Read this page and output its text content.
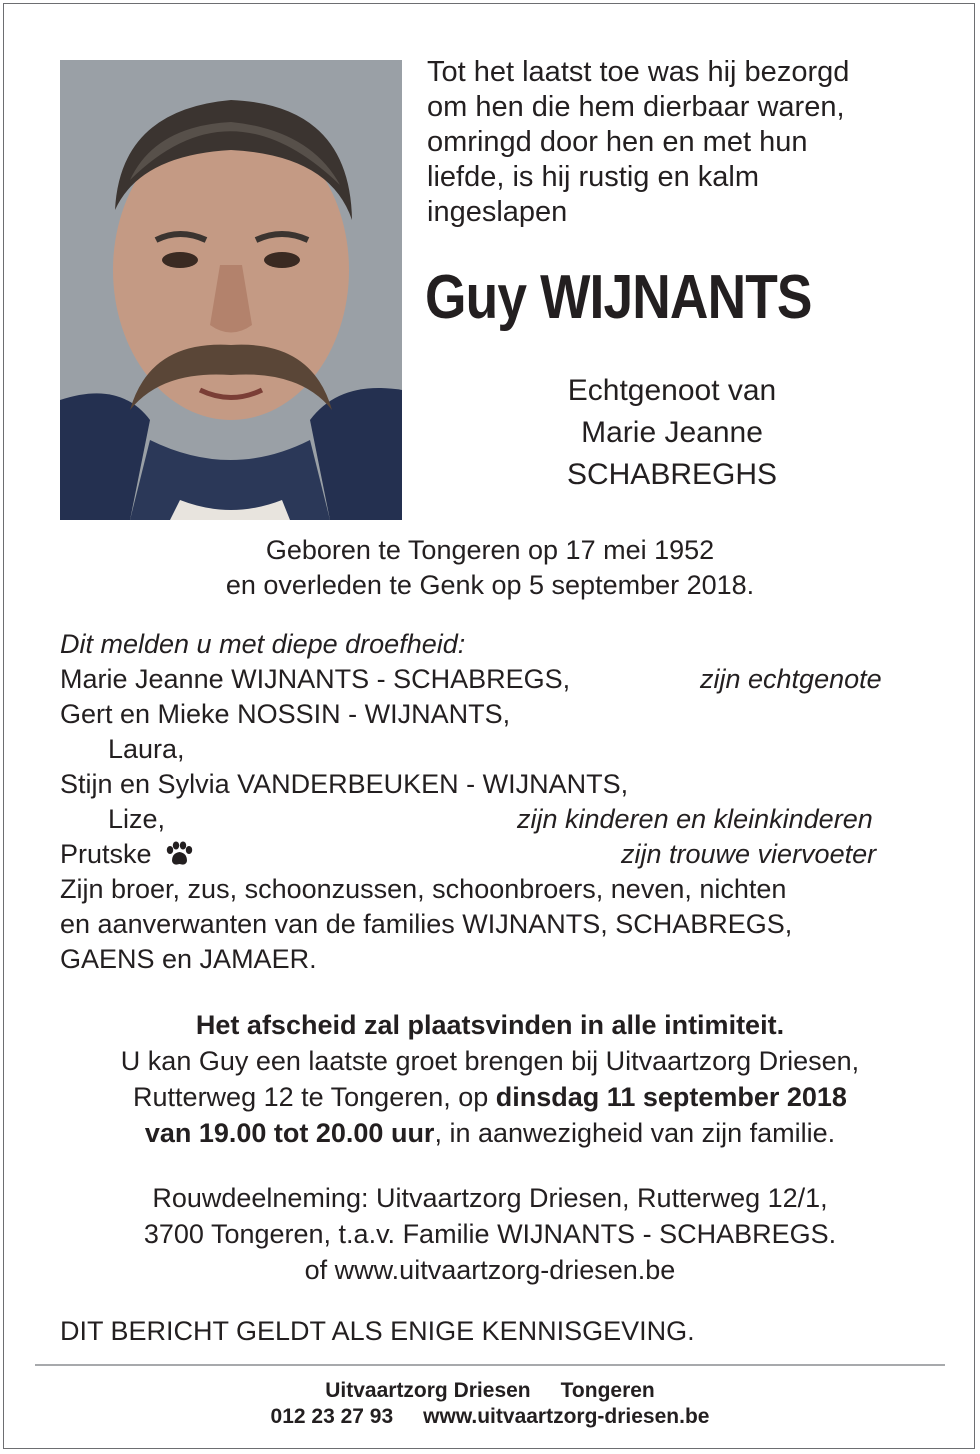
Tot het laatst toe was hij bezorgd
om hen die hem dierbaar waren,
omringd door hen en met hun
liefde, is hij rustig en kalm
ingeslapen
Guy WIJNANTS
Echtgenoot van
Marie Jeanne
SCHABREGHS
Geboren te Tongeren op 17 mei 1952
en overleden te Genk op 5 september 2018.
Dit melden u met diepe droefheid:
Marie Jeanne WIJNANTS - SCHABREGS,	zijn echtgenote
Gert en Mieke NOSSIN - WIJNANTS,
Laura,
Stijn en Sylvia VANDERBEUKEN - WIJNANTS,
Lize,	zijn kinderen en kleinkinderen
Prutske	zijn trouwe viervoeter
Zijn broer, zus, schoonzussen, schoonbroers, neven, nichten
en aanverwanten van de families WIJNANTS, SCHABREGS,
GAENS en JAMAER.
Het afscheid zal plaatsvinden in alle intimiteit.
U kan Guy een laatste groet brengen bij Uitvaartzorg Driesen,
Rutterweg 12 te Tongeren, op dinsdag 11 september 2018
van 19.00 tot 20.00 uur, in aanwezigheid van zijn familie.
Rouwdeelneming: Uitvaartzorg Driesen, Rutterweg 12/1,
3700 Tongeren, t.a.v. Familie WIJNANTS - SCHABREGS.
of www.uitvaartzorg-driesen.be
DIT BERICHT GELDT ALS ENIGE KENNISGEVING.
Uitvaartzorg Driesen Tongeren
012 23 27 93 www.uitvaartzorg-driesen.be
